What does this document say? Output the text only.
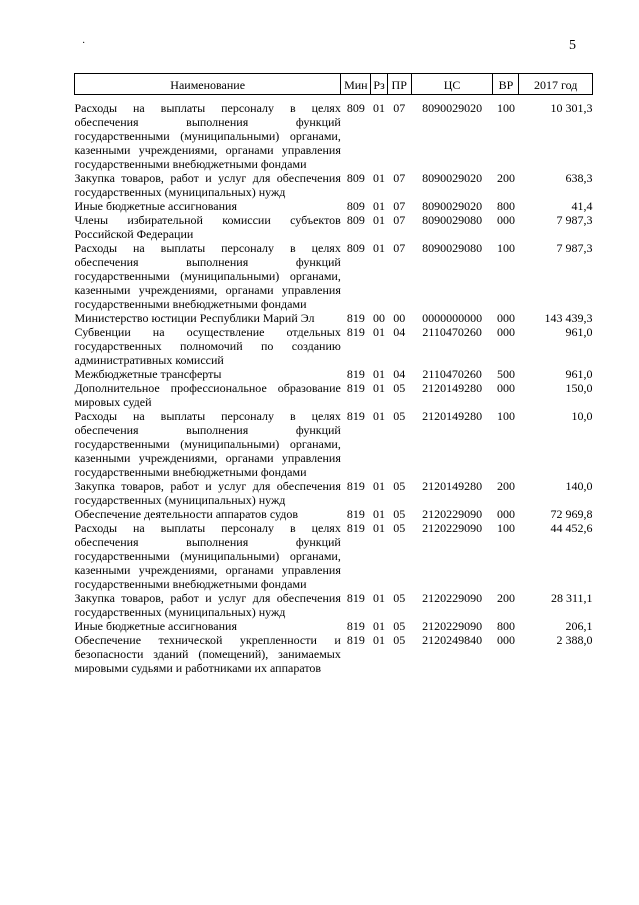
·	5
Наименование	Мин	Рз	ПР	ЦС	ВР	2017 год

Расходы на выплаты персоналу в целях обеспечения выполнения функций государственными (муниципальными) органами, казенными учреждениями, органами управления государственными внебюджетными фондами	809	01	07	8090029020	100	10 301,3
Закупка товаров, работ и услуг для обеспечения государственных (муниципальных) нужд	809	01	07	8090029020	200	638,3
Иные бюджетные ассигнования	809	01	07	8090029020	800	41,4
Члены избирательной комиссии субъектов Российской Федерации	809	01	07	8090029080	000	7 987,3
Расходы на выплаты персоналу в целях обеспечения выполнения функций государственными (муниципальными) органами, казенными учреждениями, органами управления государственными внебюджетными фондами	809	01	07	8090029080	100	7 987,3
Министерство юстиции Республики Марий Эл	819	00	00	0000000000	000	143 439,3
Субвенции на осуществление отдельных государственных полномочий по созданию административных комиссий	819	01	04	2110470260	000	961,0
Межбюджетные трансферты	819	01	04	2110470260	500	961,0
Дополнительное профессиональное образование мировых судей	819	01	05	2120149280	000	150,0
Расходы на выплаты персоналу в целях обеспечения выполнения функций государственными (муниципальными) органами, казенными учреждениями, органами управления государственными внебюджетными фондами	819	01	05	2120149280	100	10,0
Закупка товаров, работ и услуг для обеспечения государственных (муниципальных) нужд	819	01	05	2120149280	200	140,0
Обеспечение деятельности аппаратов судов	819	01	05	2120229090	000	72 969,8
Расходы на выплаты персоналу в целях обеспечения выполнения функций государственными (муниципальными) органами, казенными учреждениями, органами управления государственными внебюджетными фондами	819	01	05	2120229090	100	44 452,6
Закупка товаров, работ и услуг для обеспечения государственных (муниципальных) нужд	819	01	05	2120229090	200	28 311,1
Иные бюджетные ассигнования	819	01	05	2120229090	800	206,1
Обеспечение технической укрепленности и безопасности зданий (помещений), занимаемых мировыми судьями и работниками их аппаратов	819	01	05	2120249840	000	2 388,0
